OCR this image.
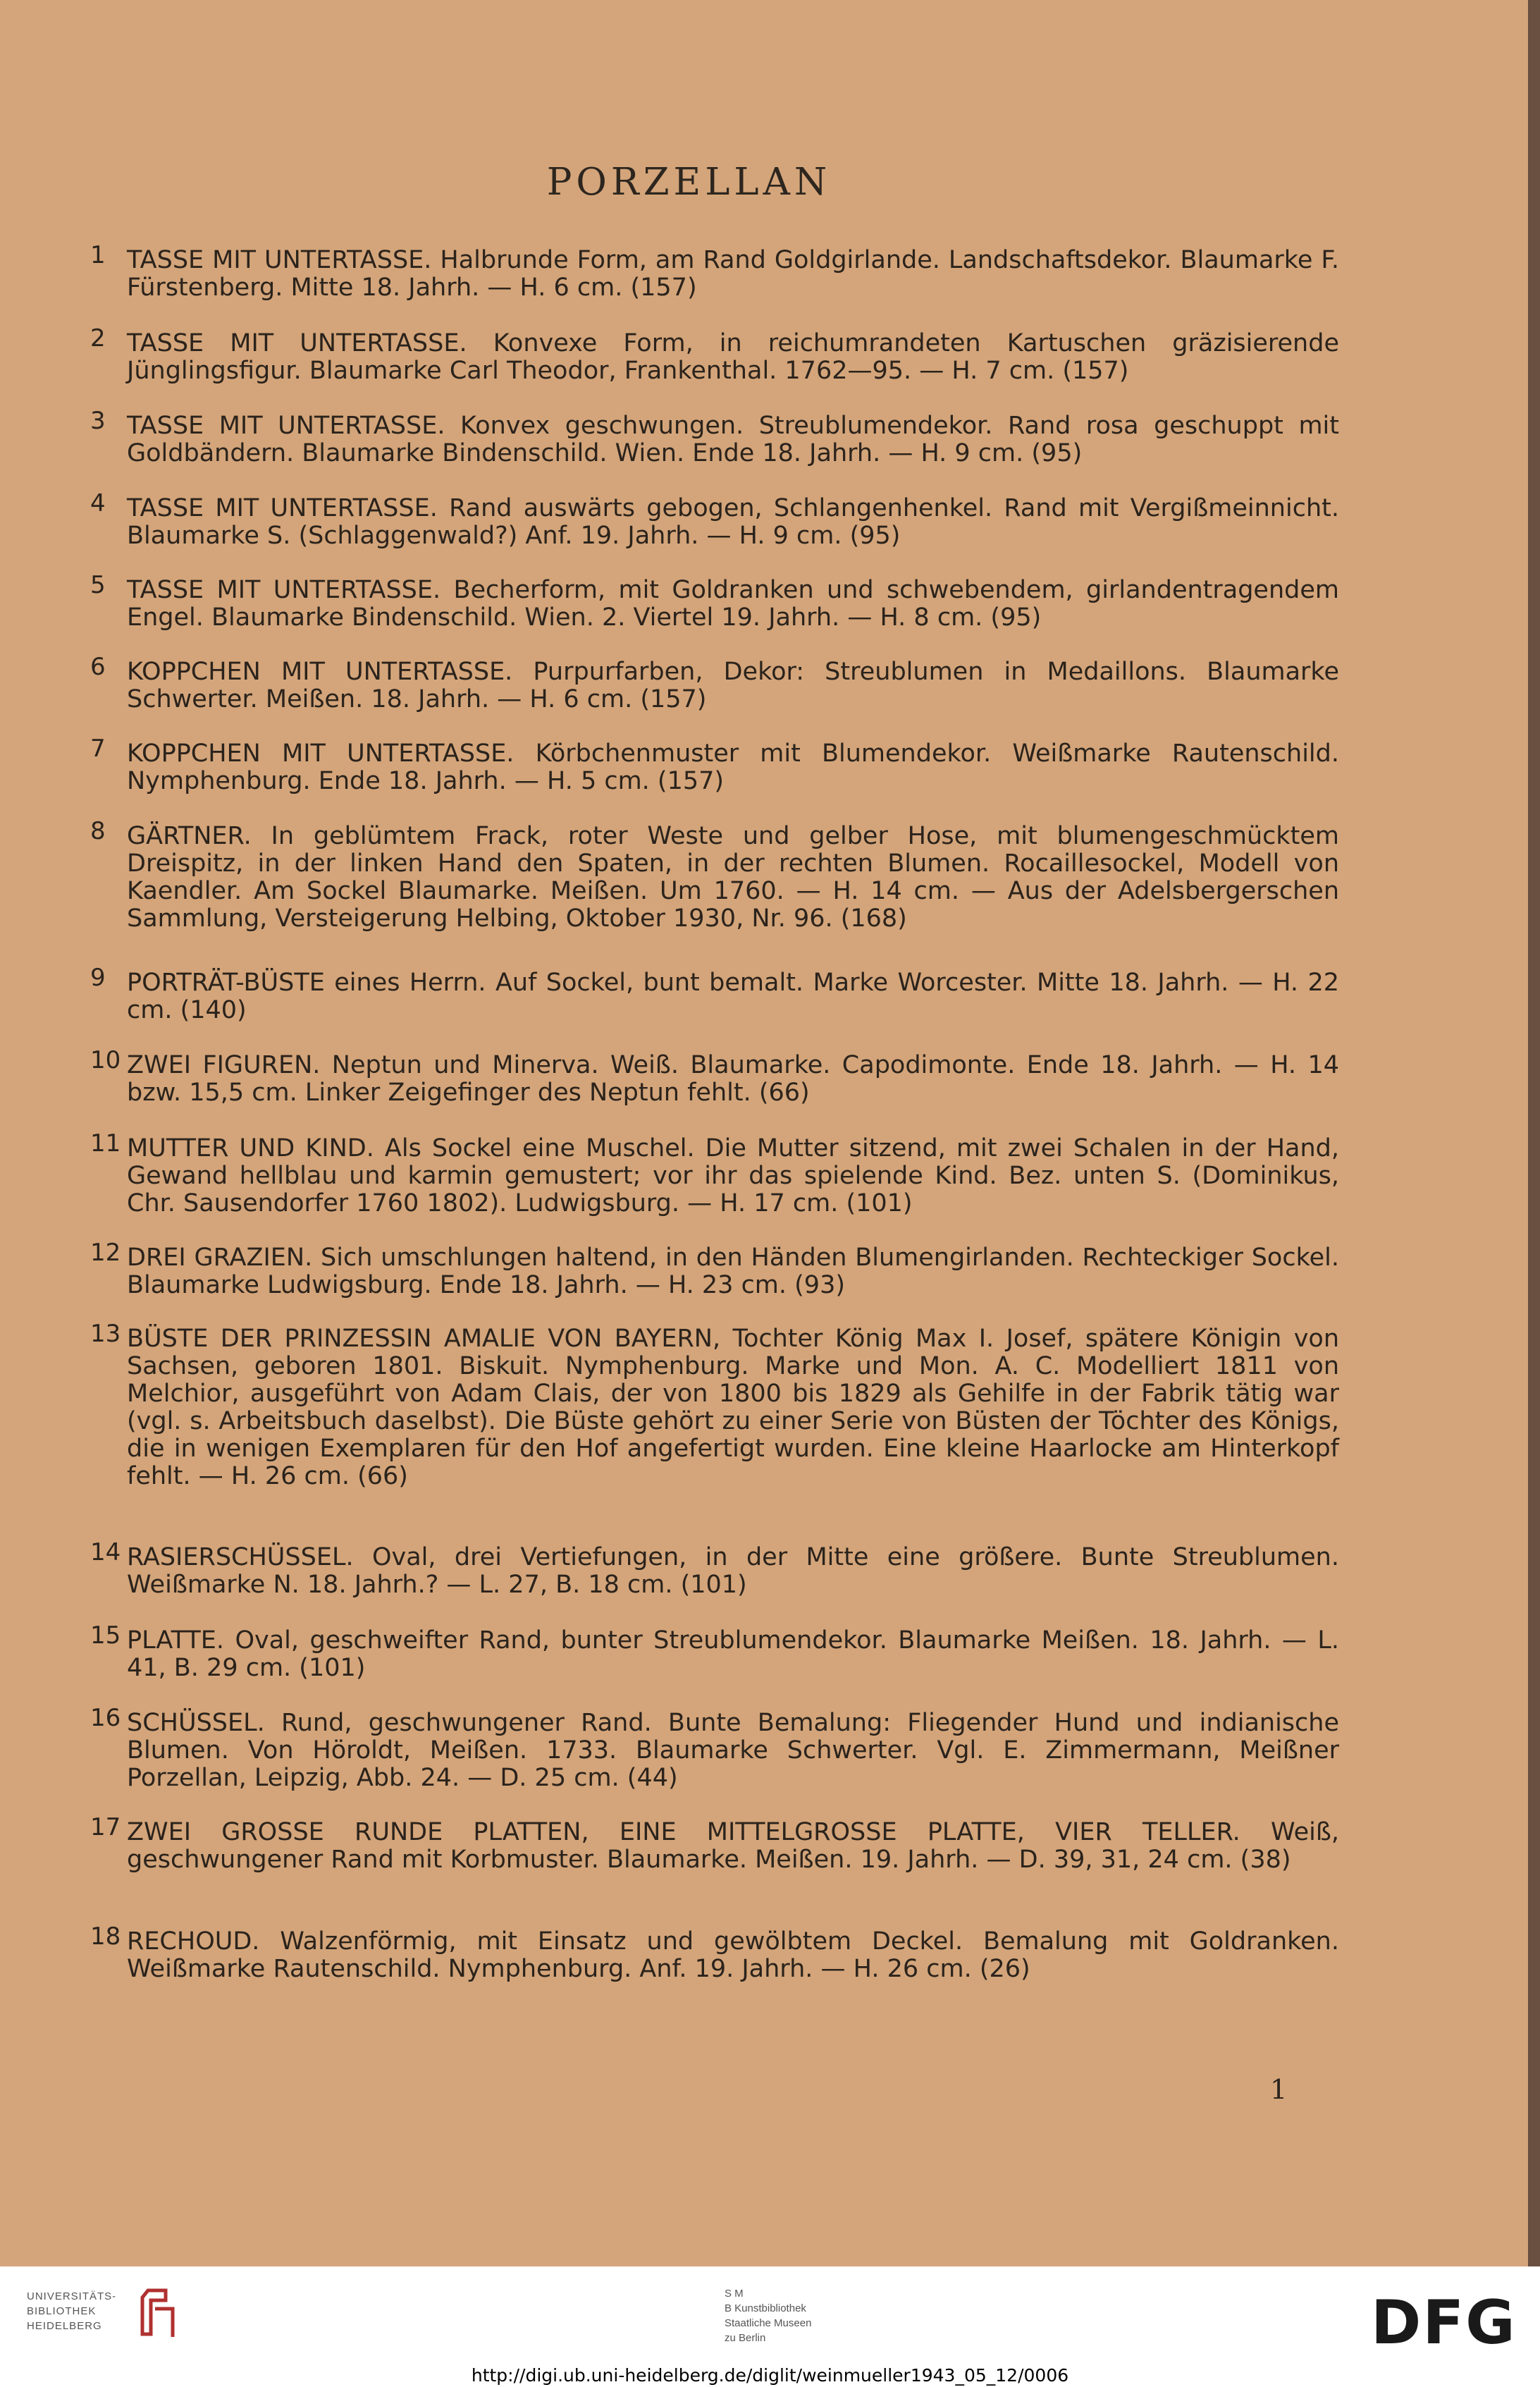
PORZELLAN
1 TASSE MIT UNTERTASSE. Halbrunde Form, am Rand Goldgirlande. Landschaftsdekor. Blaumarke F. Fürstenberg. Mitte 18. Jahrh. — H. 6 cm. (157)
2 TASSE MIT UNTERTASSE. Konvexe Form, in reichumrandeten Kartuschen gräzisierende Jünglingsfigur. Blaumarke Carl Theodor, Frankenthal. 1762—95. — H. 7 cm. (157)
3 TASSE MIT UNTERTASSE. Konvex geschwungen. Streublumendekor. Rand rosa geschuppt mit Goldbändern. Blaumarke Bindenschild. Wien. Ende 18. Jahrh. — H. 9 cm. (95)
4 TASSE MIT UNTERTASSE. Rand auswärts gebogen, Schlangenhenkel. Rand mit Vergißmeinnicht. Blaumarke S. (Schlaggenwald?) Anf. 19. Jahrh. — H. 9 cm. (95)
5 TASSE MIT UNTERTASSE. Becherform, mit Goldranken und schwebendem, girlandentragendem Engel. Blaumarke Bindenschild. Wien. 2. Viertel 19. Jahrh. — H. 8 cm. (95)
6 KOPPCHEN MIT UNTERTASSE. Purpurfarben, Dekor: Streublumen in Medaillons. Blaumarke Schwerter. Meißen. 18. Jahrh. — H. 6 cm. (157)
7 KOPPCHEN MIT UNTERTASSE. Körbchenmuster mit Blumendekor. Weißmarke Rautenschild. Nymphenburg. Ende 18. Jahrh. — H. 5 cm. (157)
8 GÄRTNER. In geblümtem Frack, roter Weste und gelber Hose, mit blumengeschmücktem Dreispitz, in der linken Hand den Spaten, in der rechten Blumen. Rocaillesockel, Modell von Kaendler. Am Sockel Blaumarke. Meißen. Um 1760. — H. 14 cm. — Aus der Adelsbergerschen Sammlung, Versteigerung Helbing, Oktober 1930, Nr. 96. (168)
9 PORTRÄT-BÜSTE eines Herrn. Auf Sockel, bunt bemalt. Marke Worcester. Mitte 18. Jahrh. — H. 22 cm. (140)
10 ZWEI FIGUREN. Neptun und Minerva. Weiß. Blaumarke. Capodimonte. Ende 18. Jahrh. — H. 14 bzw. 15,5 cm. Linker Zeigefinger des Neptun fehlt. (66)
11 MUTTER UND KIND. Als Sockel eine Muschel. Die Mutter sitzend, mit zwei Schalen in der Hand, Gewand hellblau und karmin gemustert; vor ihr das spielende Kind. Bez. unten S. (Dominikus, Chr. Sausendorfer 1760 1802). Ludwigsburg. — H. 17 cm. (101)
12 DREI GRAZIEN. Sich umschlungen haltend, in den Händen Blumengirlanden. Rechteckiger Sockel. Blaumarke Ludwigsburg. Ende 18. Jahrh. — H. 23 cm. (93)
13 BÜSTE DER PRINZESSIN AMALIE VON BAYERN, Tochter König Max I. Josef, spätere Königin von Sachsen, geboren 1801. Biskuit. Nymphenburg. Marke und Mon. A. C. Modelliert 1811 von Melchior, ausgeführt von Adam Clais, der von 1800 bis 1829 als Gehilfe in der Fabrik tätig war (vgl. s. Arbeitsbuch daselbst). Die Büste gehört zu einer Serie von Büsten der Töchter des Königs, die in wenigen Exemplaren für den Hof angefertigt wurden. Eine kleine Haarlocke am Hinterkopf fehlt. — H. 26 cm. (66)
14 RASIERSCHÜSSEL. Oval, drei Vertiefungen, in der Mitte eine größere. Bunte Streublumen. Weißmarke N. 18. Jahrh.? — L. 27, B. 18 cm. (101)
15 PLATTE. Oval, geschweifter Rand, bunter Streublumendekor. Blaumarke Meißen. 18. Jahrh. — L. 41, B. 29 cm. (101)
16 SCHÜSSEL. Rund, geschwungener Rand. Bunte Bemalung: Fliegender Hund und indianische Blumen. Von Höroldt, Meißen. 1733. Blaumarke Schwerter. Vgl. E. Zimmermann, Meißner Porzellan, Leipzig, Abb. 24. — D. 25 cm. (44)
17 ZWEI GROSSE RUNDE PLATTEN, EINE MITTELGROSSE PLATTE, VIER TELLER. Weiß, geschwungener Rand mit Korbmuster. Blaumarke. Meißen. 19. Jahrh. — D. 39, 31, 24 cm. (38)
18 RECHOUD. Walzenförmig, mit Einsatz und gewölbtem Deckel. Bemalung mit Goldranken. Weißmarke Rautenschild. Nymphenburg. Anf. 19. Jahrh. — H. 26 cm. (26)
1
UNIVERSITÄTS-
BIBLIOTHEK
HEIDELBERG
S M
B Kunstbibliothek
Staatliche Museen
zu Berlin	DFG
http://digi.ub.uni-heidelberg.de/diglit/weinmueller1943_05_12/0006
